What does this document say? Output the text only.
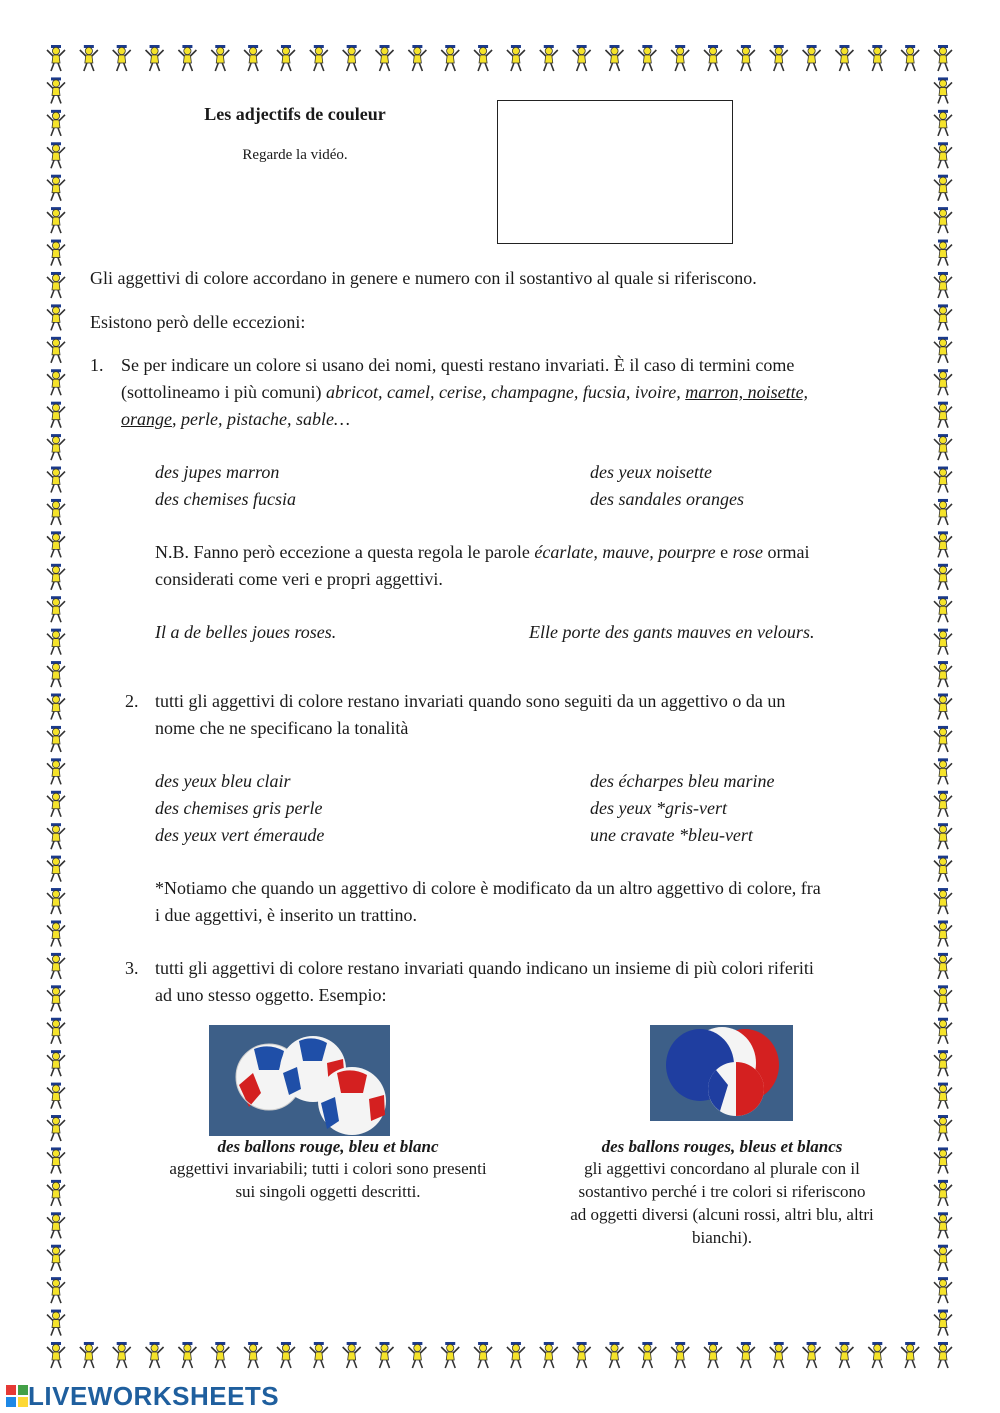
Les adjectifs de couleur
Regarde la vidéo.
Gli aggettivi di colore accordano in genere e numero con il sostantivo al quale si riferiscono.
Esistono però delle eccezioni:
1. Se per indicare un colore si usano dei nomi, questi restano invariati. È il caso di termini come
(sottolineamo i più comuni) abricot, camel, cerise, champagne, fucsia, ivoire, marron, noisette,
orange, perle, pistache, sable…
des jupes marron
des chemises fucsia
des yeux noisette
des sandales oranges
N.B. Fanno però eccezione a questa regola le parole écarlate, mauve, pourpre e rose ormai
considerati come veri e propri aggettivi.
Il a de belles joues roses.	Elle porte des gants mauves en velours.
2. tutti gli aggettivi di colore restano invariati quando sono seguiti da un aggettivo o da un
nome che ne specificano la tonalità
des yeux bleu clair
des chemises gris perle
des yeux vert émeraude
des écharpes bleu marine
des yeux *gris-vert
une cravate *bleu-vert
*Notiamo che quando un aggettivo di colore è modificato da un altro aggettivo di colore, fra
i due aggettivi, è inserito un trattino.
3. tutti gli aggettivi di colore restano invariati quando indicano un insieme di più colori riferiti
ad uno stesso oggetto. Esempio:
des ballons rouge, bleu et blanc
aggettivi invariabili; tutti i colori sono presenti
sui singoli oggetti descritti.
des ballons rouges, bleus et blancs
gli aggettivi concordano al plurale con il
sostantivo perché i tre colori si riferiscono
ad oggetti diversi (alcuni rossi, altri blu, altri
bianchi).
LIVEWORKSHEETS
